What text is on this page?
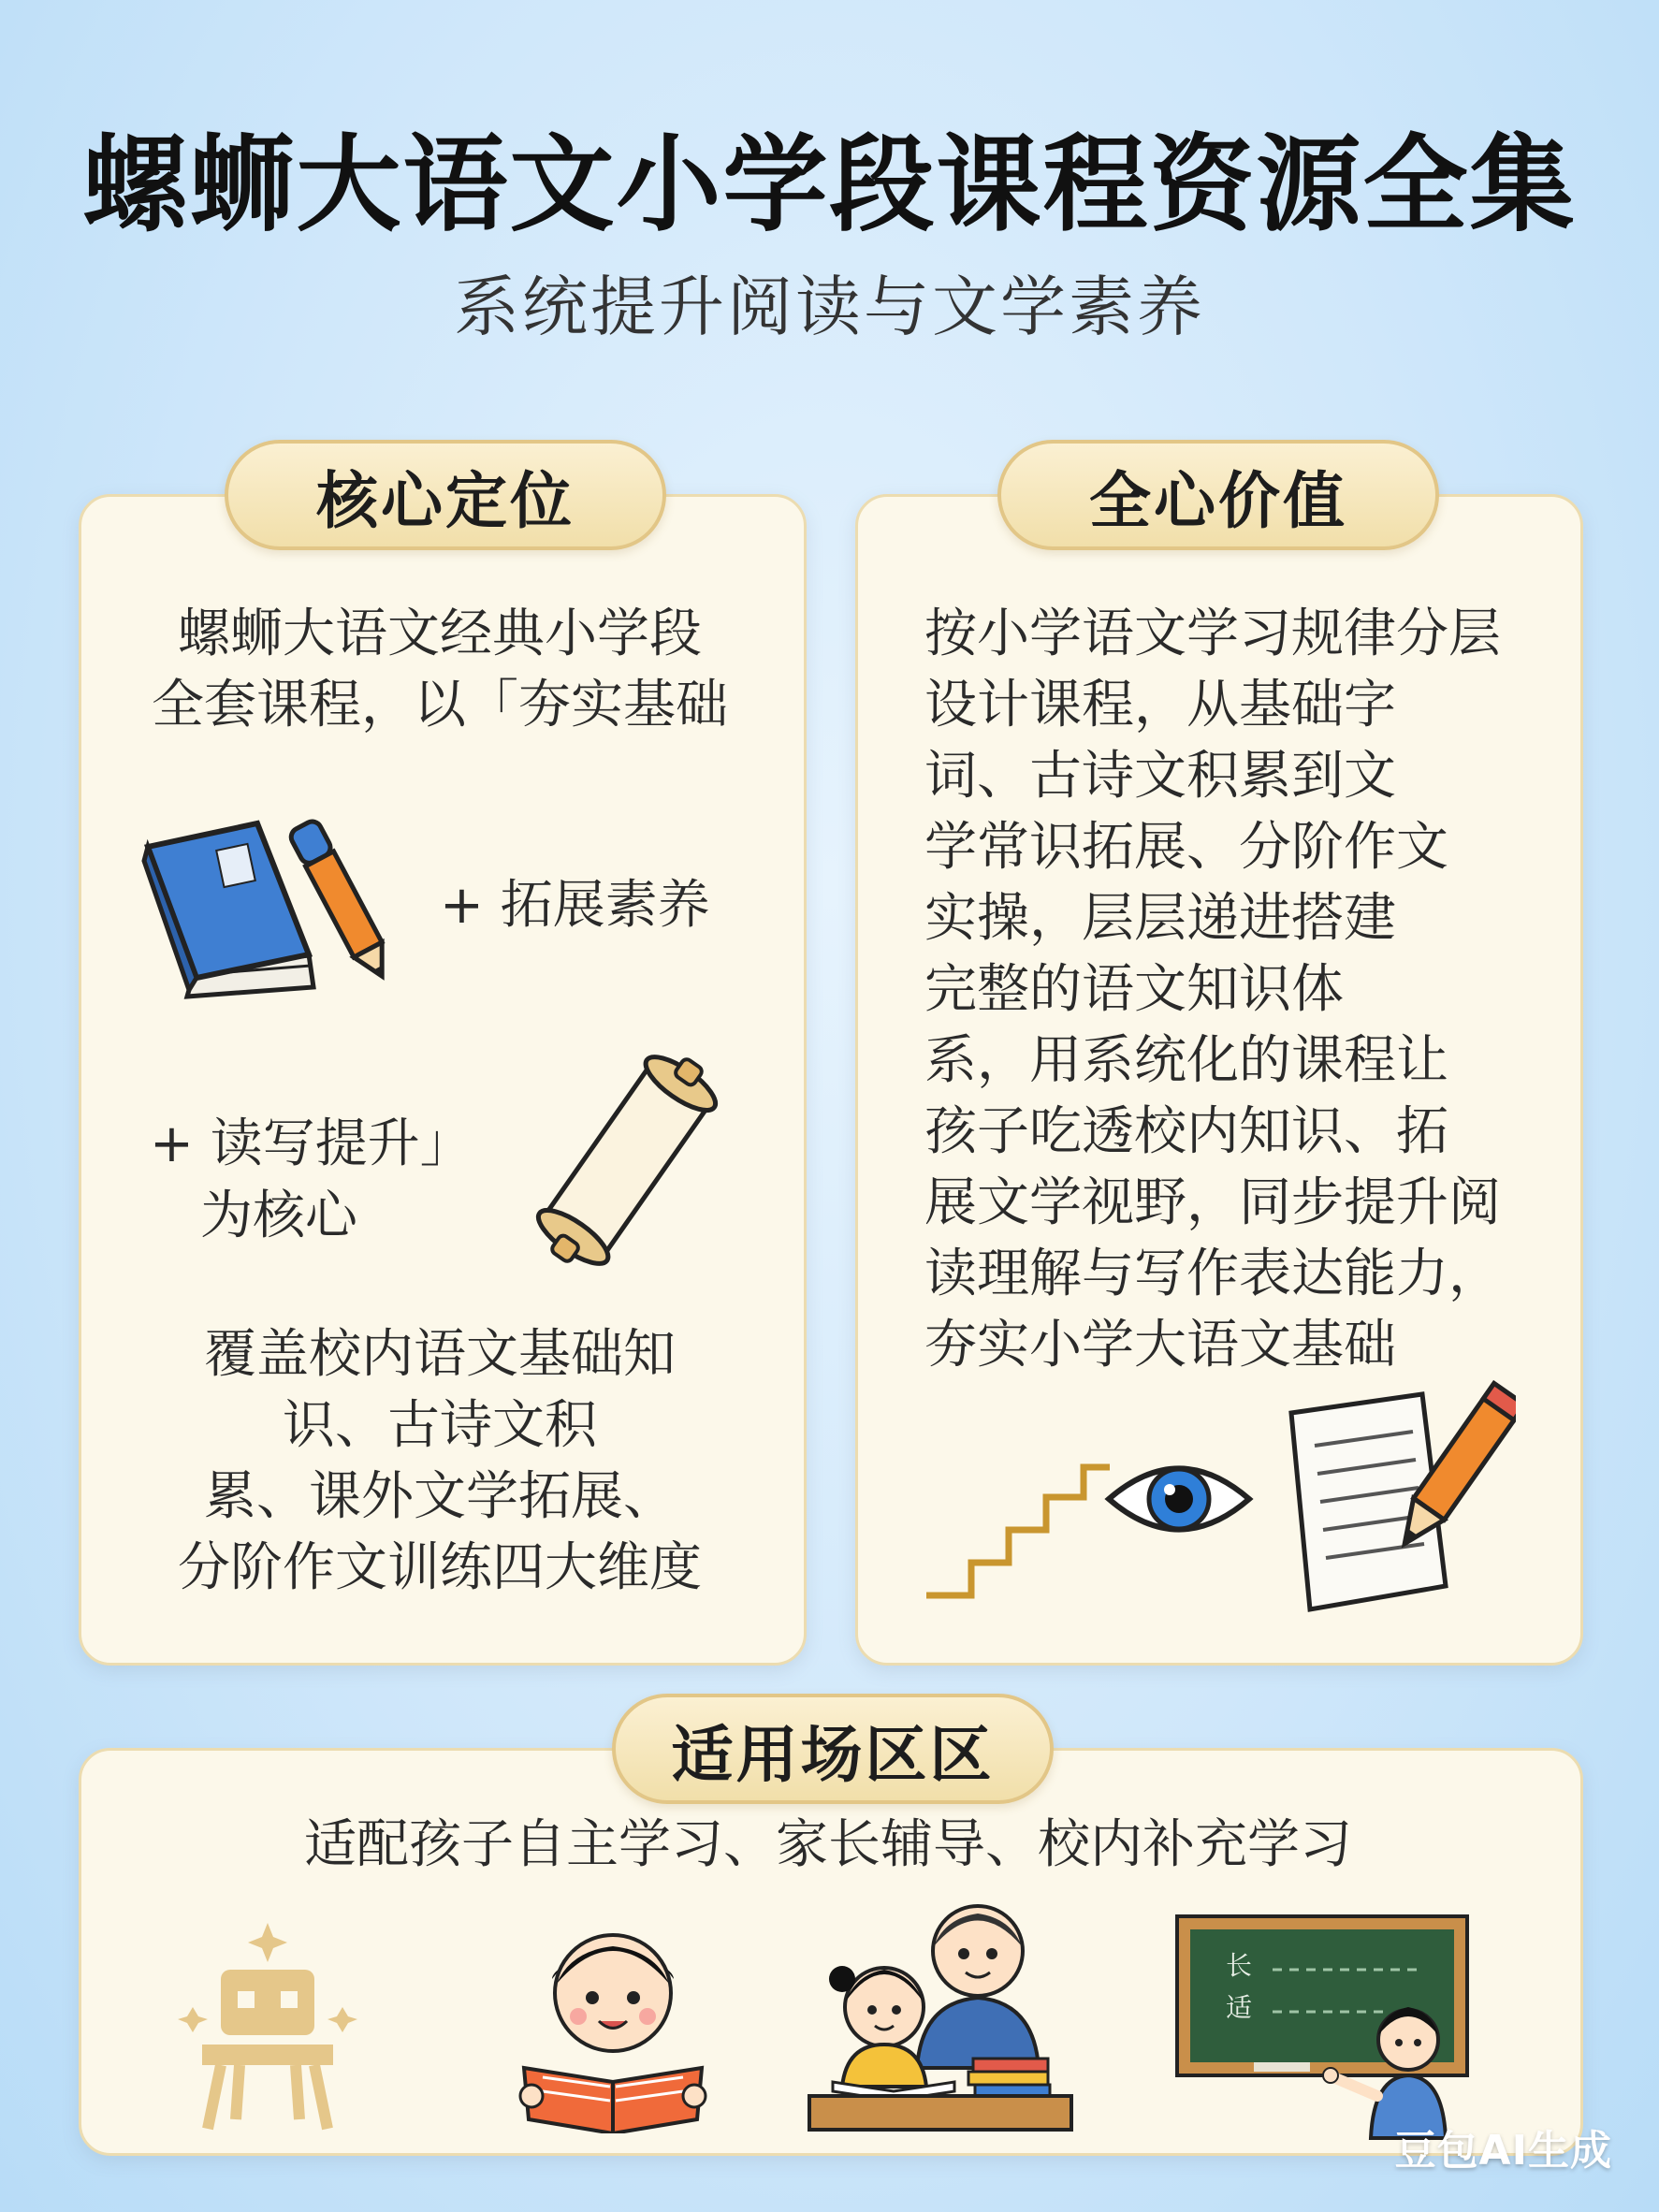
螺蛳大语文小学段课程资源全集
系统提升阅读与文学素养
核心定位
螺蛳大语文经典小学段
全套课程，以「夯实基础
+ 拓展素养
+ 读写提升」
为核心
覆盖校内语文基础知
识、古诗文积
累、课外文学拓展、
分阶作文训练四大维度
全心价值
按小学语文学习规律分层
设计课程，从基础字
词、古诗文积累到文
学常识拓展、分阶作文
实操，层层递进搭建
完整的语文知识体
系，用系统化的课程让
孩子吃透校内知识、拓
展文学视野，同步提升阅
读理解与写作表达能力，
夯实小学大语文基础
适用场区区
适配孩子自主学习、家长辅导、校内补充学习
长
适
豆包AI生成
